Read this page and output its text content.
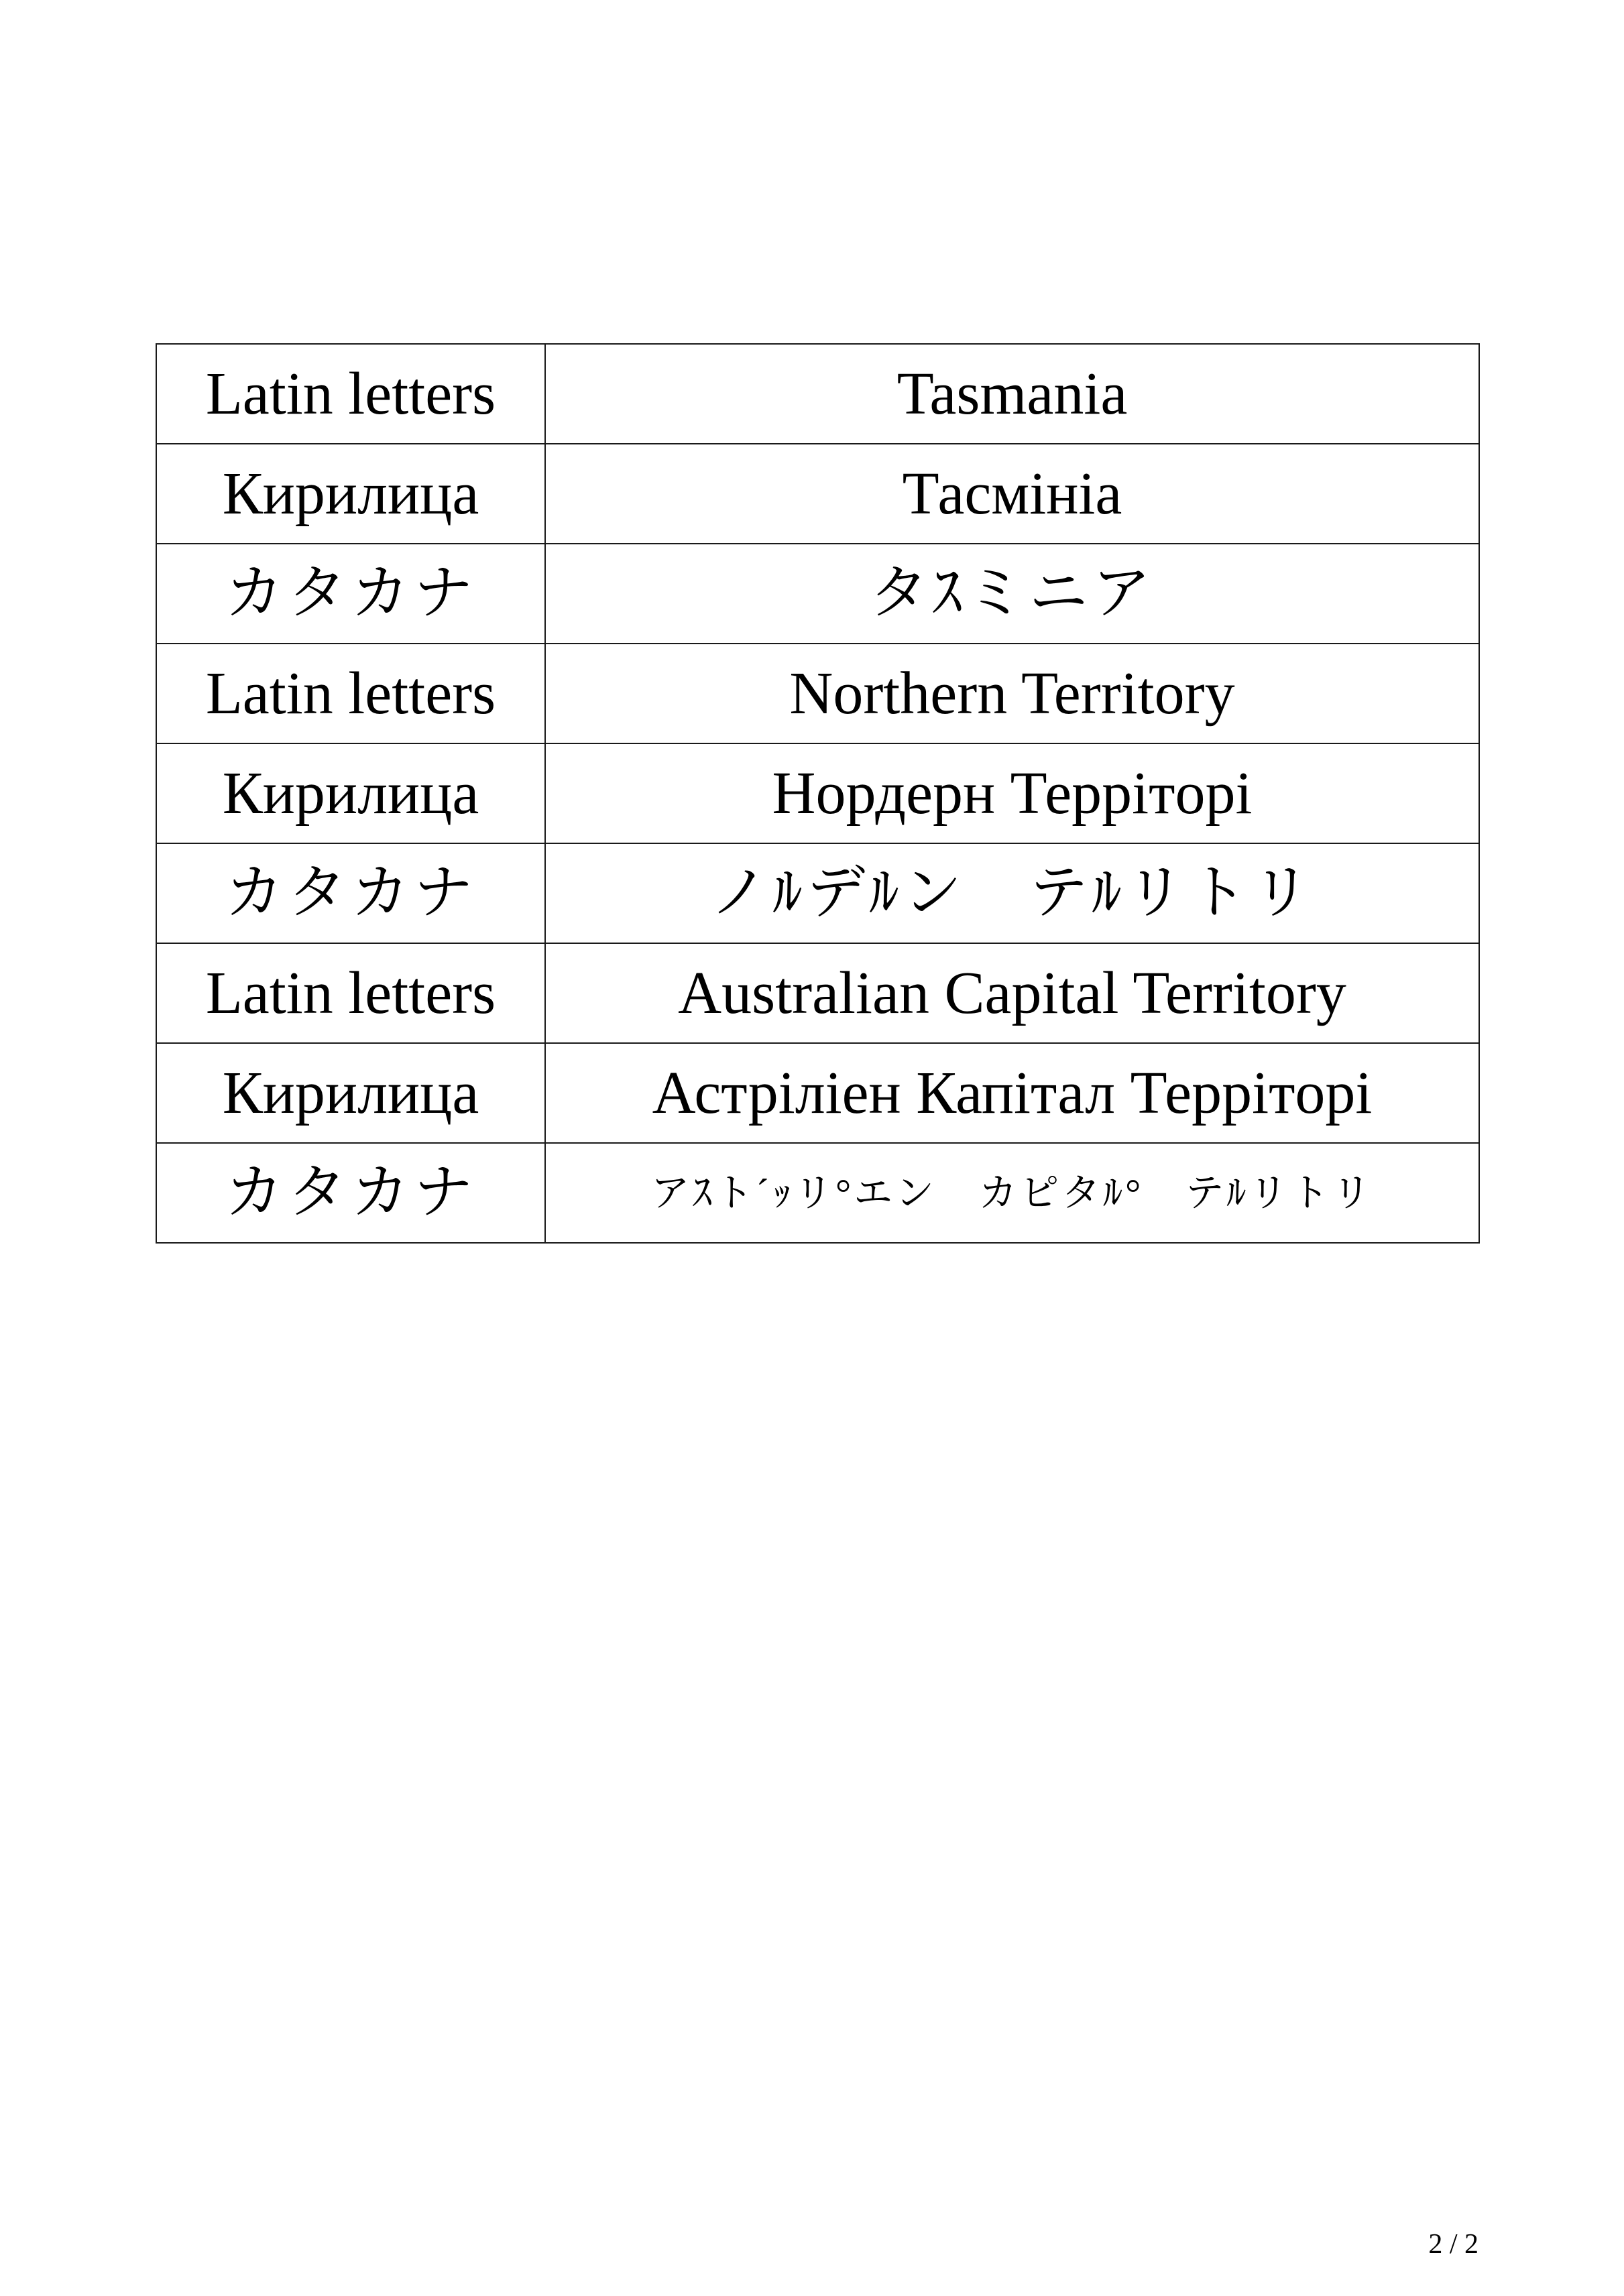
Latin letters	Tasmania
Кирилица	Тасмініа
カタカナ	タｽミニア
Latin letters	Northern Territory
Кирилица	Нордерн Террітopi
カタカナ	ノﾙデﾙン　テﾙリトリ
Latin letters	Australian Capital Territory
Кирилица	Астріліен Капітал Террітopi
カタカナ	アｽト´ｯリ°エン　カピタﾙ°　テﾙリトリ
2 / 2
